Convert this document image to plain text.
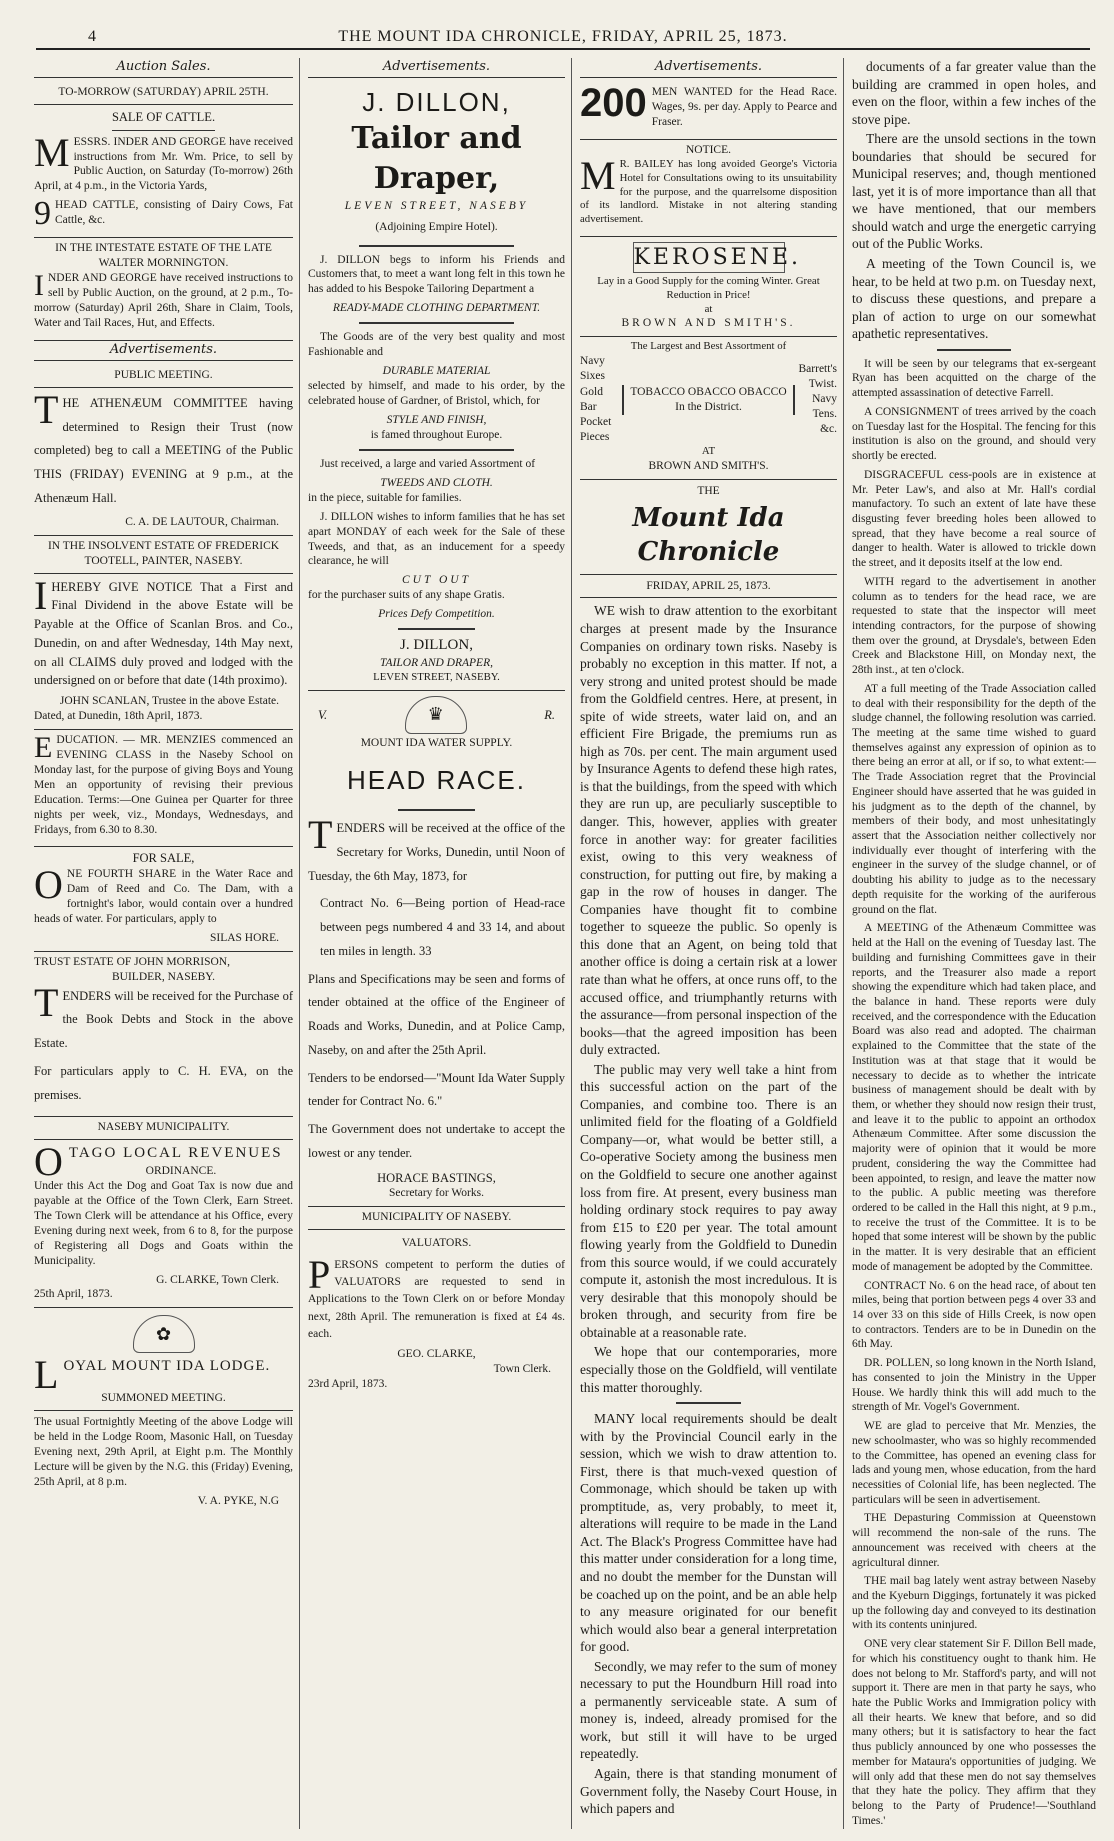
4	THE MOUNT IDA CHRONICLE, FRIDAY, APRIL 25, 1873.
Auction Sales.
TO-MORROW (SATURDAY) APRIL 25TH.
SALE OF CATTLE.

MESSRS. INDER AND GEORGE have received instructions from Mr. Wm. Price, to sell by Public Auction, on Saturday (To-morrow) 26th April, at 4 p.m., in the Victoria Yards,

9 HEAD CATTLE, consisting of Dairy Cows, Fat Cattle, &c.

IN THE INTESTATE ESTATE OF THE LATE WALTER MORNINGTON.

INDER AND GEORGE have received instructions to sell by Public Auction, on the ground, at 2 p.m., To-morrow (Saturday) April 26th, Share in Claim, Tools, Water and Tail Races, Hut, and Effects.

Advertisements.
PUBLIC MEETING.

THE ATHENÆUM COMMITTEE having determined to Resign their Trust (now completed) beg to call a MEETING of the Public THIS (FRIDAY) EVENING at 9 p.m., at the Athenæum Hall.

C. A. DE LAUTOUR, Chairman.
IN THE INSOLVENT ESTATE OF FREDERICK TOOTELL, PAINTER, NASEBY.

IHEREBY GIVE NOTICE That a First and Final Dividend in the above Estate will be Payable at the Office of Scanlan Bros. and Co., Dunedin, on and after Wednesday, 14th May next, on all CLAIMS duly proved and lodged with the undersigned on or before that date (14th proximo).

JOHN SCANLAN, Trustee in the above Estate.
Dated, at Dunedin, 18th April, 1873.

EDUCATION. — MR. MENZIES commenced an EVENING CLASS in the Naseby School on Monday last, for the purpose of giving Boys and Young Men an opportunity of revising their previous Education. Terms:—One Guinea per Quarter for three nights per week, viz., Mondays, Wednesdays, and Fridays, from 6.30 to 8.30.

FOR SALE,

ONE FOURTH SHARE in the Water Race and Dam of Reed and Co. The Dam, with a fortnight's labor, would contain over a hundred heads of water. For particulars, apply to

SILAS HORE.
TRUST ESTATE OF JOHN MORRISON,
BUILDER, NASEBY.

TENDERS will be received for the Purchase of the Book Debts and Stock in the above Estate.

For particulars apply to C. H. EVA, on the premises.

NASEBY MUNICIPALITY.

OTAGO LOCAL REVENUES

ORDINANCE.

Under this Act the Dog and Goat Tax is now due and payable at the Office of the Town Clerk, Earn Street. The Town Clerk will be attendance at his Office, every Evening during next week, from 6 to 8, for the purpose of Registering all Dogs and Goats within the Municipality.

G. CLARKE, Town Clerk.
25th April, 1873.
✿

LOYAL MOUNT IDA LODGE.

SUMMONED MEETING.

The usual Fortnightly Meeting of the above Lodge will be held in the Lodge Room, Masonic Hall, on Tuesday Evening next, 29th April, at Eight p.m. The Monthly Lecture will be given by the N.G. this (Friday) Evening, 25th April, at 8 p.m.

V. A. PYKE, N.G
Advertisements.
J. DILLON,
Tailor and Draper,
LEVEN STREET, NASEBY
(Adjoining Empire Hotel).

J. DILLON begs to inform his Friends and Customers that, to meet a want long felt in this town he has added to his Bespoke Tailoring Department a

READY-MADE CLOTHING DEPARTMENT.

The Goods are of the very best quality and most Fashionable and

DURABLE MATERIAL

selected by himself, and made to his order, by the celebrated house of Gardner, of Bristol, which, for

STYLE AND FINISH,

is famed throughout Europe.

Just received, a large and varied Assortment of

TWEEDS AND CLOTH.

in the piece, suitable for families.

J. DILLON wishes to inform families that he has set apart MONDAY of each week for the Sale of these Tweeds, and that, as an inducement for a speedy clearance, he will

CUT OUT

for the purchaser suits of any shape Gratis.

Prices Defy Competition.
J. DILLON,
TAILOR AND DRAPER,
LEVEN STREET, NASEBY.
V.	♛	R.
MOUNT IDA WATER SUPPLY.
HEAD RACE.

TENDERS will be received at the office of the Secretary for Works, Dunedin, until Noon of Tuesday, the 6th May, 1873, for

Contract No. 6—Being portion of Head-race between pegs numbered 4 and 33 14, and about ten miles in length. 33

Plans and Specifications may be seen and forms of tender obtained at the office of the Engineer of Roads and Works, Dunedin, and at Police Camp, Naseby, on and after the 25th April.

Tenders to be endorsed—"Mount Ida Water Supply tender for Contract No. 6."

The Government does not undertake to accept the lowest or any tender.

HORACE BASTINGS,
Secretary for Works.
MUNICIPALITY OF NASEBY.
VALUATORS.

PERSONS competent to perform the duties of VALUATORS are requested to send in Applications to the Town Clerk on or before Monday next, 28th April. The remuneration is fixed at £4 4s. each.

GEO. CLARKE,
Town Clerk.
23rd April, 1873.
Advertisements.

200 MEN WANTED for the Head Race. Wages, 9s. per day. Apply to Pearce and Fraser.

NOTICE.

M R. BAILEY has long avoided George's Victoria Hotel for Consultations owing to its unsuitability for the purpose, and the quarrelsome disposition of its landlord. Mistake in not altering standing advertisement.

KEROSENE.
Lay in a Good Supply for the coming Winter. Great Reduction in Price!
at
BROWN AND SMITH'S.
The Largest and Best Assortment of
Navy Sixes Gold Bar Pocket Pieces
TOBACCO OBACCO OBACCO In the District.
Barrett's Twist. Navy Tens. &c.
AT
BROWN AND SMITH'S.
THE
Mount Ida Chronicle
FRIDAY, APRIL 25, 1873.

WE wish to draw attention to the exorbitant charges at present made by the Insurance Companies on ordinary town risks. Naseby is probably no exception in this matter. If not, a very strong and united protest should be made from the Goldfield centres. Here, at present, in spite of wide streets, water laid on, and an efficient Fire Brigade, the premiums run as high as 70s. per cent. The main argument used by Insurance Agents to defend these high rates, is that the buildings, from the speed with which they are run up, are peculiarly susceptible to danger. This, however, applies with greater force in another way: for greater facilities exist, owing to this very weakness of construction, for putting out fire, by making a gap in the row of houses in danger. The Companies have thought fit to combine together to squeeze the public. So openly is this done that an Agent, on being told that another office is doing a certain risk at a lower rate than what he offers, at once runs off, to the accused office, and triumphantly returns with the assurance—from personal inspection of the books—that the agreed imposition has been duly extracted.

The public may very well take a hint from this successful action on the part of the Companies, and combine too. There is an unlimited field for the floating of a Goldfield Company—or, what would be better still, a Co-operative Society among the business men on the Goldfield to secure one another against loss from fire. At present, every business man holding ordinary stock requires to pay away from £15 to £20 per year. The total amount flowing yearly from the Goldfield to Dunedin from this source would, if we could accurately compute it, astonish the most incredulous. It is very desirable that this monopoly should be broken through, and security from fire be obtainable at a reasonable rate.

We hope that our contemporaries, more especially those on the Goldfield, will ventilate this matter thoroughly.

MANY local requirements should be dealt with by the Provincial Council early in the session, which we wish to draw attention to. First, there is that much-vexed question of Commonage, which should be taken up with promptitude, as, very probably, to meet it, alterations will require to be made in the Land Act. The Black's Progress Committee have had this matter under consideration for a long time, and no doubt the member for the Dunstan will be coached up on the point, and be an able help to any measure originated for our benefit which would also bear a general interpretation for good.

Secondly, we may refer to the sum of money necessary to put the Houndburn Hill road into a permanently serviceable state. A sum of money is, indeed, already promised for the work, but still it will have to be urged repeatedly.

Again, there is that standing monument of Government folly, the Naseby Court House, in which papers and

documents of a far greater value than the building are crammed in open holes, and even on the floor, within a few inches of the stove pipe.

There are the unsold sections in the town boundaries that should be secured for Municipal reserves; and, though mentioned last, yet it is of more importance than all that we have mentioned, that our members should watch and urge the energetic carrying out of the Public Works.

A meeting of the Town Council is, we hear, to be held at two p.m. on Tuesday next, to discuss these questions, and prepare a plan of action to urge on our somewhat apathetic representatives.

It will be seen by our telegrams that ex-sergeant Ryan has been acquitted on the charge of the attempted assassination of detective Farrell.

A CONSIGNMENT of trees arrived by the coach on Tuesday last for the Hospital. The fencing for this institution is also on the ground, and should very shortly be erected.

DISGRACEFUL cess-pools are in existence at Mr. Peter Law's, and also at Mr. Hall's cordial manufactory. To such an extent of late have these disgusting fever breeding holes been allowed to spread, that they have become a real source of danger to health. Water is allowed to trickle down the street, and it deposits itself at the low end.

WITH regard to the advertisement in another column as to tenders for the head race, we are requested to state that the inspector will meet intending contractors, for the purpose of showing them over the ground, at Drysdale's, between Eden Creek and Blackstone Hill, on Monday next, the 28th inst., at ten o'clock.

AT a full meeting of the Trade Association called to deal with their responsibility for the depth of the sludge channel, the following resolution was carried. The meeting at the same time wished to guard themselves against any expression of opinion as to there being an error at all, or if so, to what extent:—The Trade Association regret that the Provincial Engineer should have asserted that he was guided in his judgment as to the depth of the channel, by members of their body, and most unhesitatingly assert that the Association neither collectively nor individually ever thought of interfering with the engineer in the survey of the sludge channel, or of doubting his ability to judge as to the necessary depth requisite for the working of the auriferous ground on the flat.

A MEETING of the Athenæum Committee was held at the Hall on the evening of Tuesday last. The building and furnishing Committees gave in their reports, and the Treasurer also made a report showing the expenditure which had taken place, and the balance in hand. These reports were duly received, and the correspondence with the Education Board was also read and adopted. The chairman explained to the Committee that the state of the Institution was at that stage that it would be necessary to decide as to whether the intricate business of management should be dealt with by them, or whether they should now resign their trust, and leave it to the public to appoint an orthodox Athenæum Committee. After some discussion the majority were of opinion that it would be more prudent, considering the way the Committee had been appointed, to resign, and leave the matter now to the public. A public meeting was therefore ordered to be called in the Hall this night, at 9 p.m., to receive the trust of the Committee. It is to be hoped that some interest will be shown by the public in the matter. It is very desirable that an efficient mode of management be adopted by the Committee.

CONTRACT No. 6 on the head race, of about ten miles, being that portion between pegs 4 over 33 and 14 over 33 on this side of Hills Creek, is now open to contractors. Tenders are to be in Dunedin on the 6th May.

DR. POLLEN, so long known in the North Island, has consented to join the Ministry in the Upper House. We hardly think this will add much to the strength of Mr. Vogel's Government.

WE are glad to perceive that Mr. Menzies, the new schoolmaster, who was so highly recommended to the Committee, has opened an evening class for lads and young men, whose education, from the hard necessities of Colonial life, has been neglected. The particulars will be seen in advertisement.

THE Depasturing Commission at Queenstown will recommend the non-sale of the runs. The announcement was received with cheers at the agricultural dinner.

THE mail bag lately went astray between Naseby and the Kyeburn Diggings, fortunately it was picked up the following day and conveyed to its destination with its contents uninjured.

ONE very clear statement Sir F. Dillon Bell made, for which his constituency ought to thank him. He does not belong to Mr. Stafford's party, and will not support it. There are men in that party he says, who hate the Public Works and Immigration policy with all their hearts. We knew that before, and so did many others; but it is satisfactory to hear the fact thus publicly announced by one who possesses the member for Mataura's opportunities of judging. We will only add that these men do not say themselves that they hate the policy. They affirm that they belong to the Party of Prudence!—'Southland Times.'
